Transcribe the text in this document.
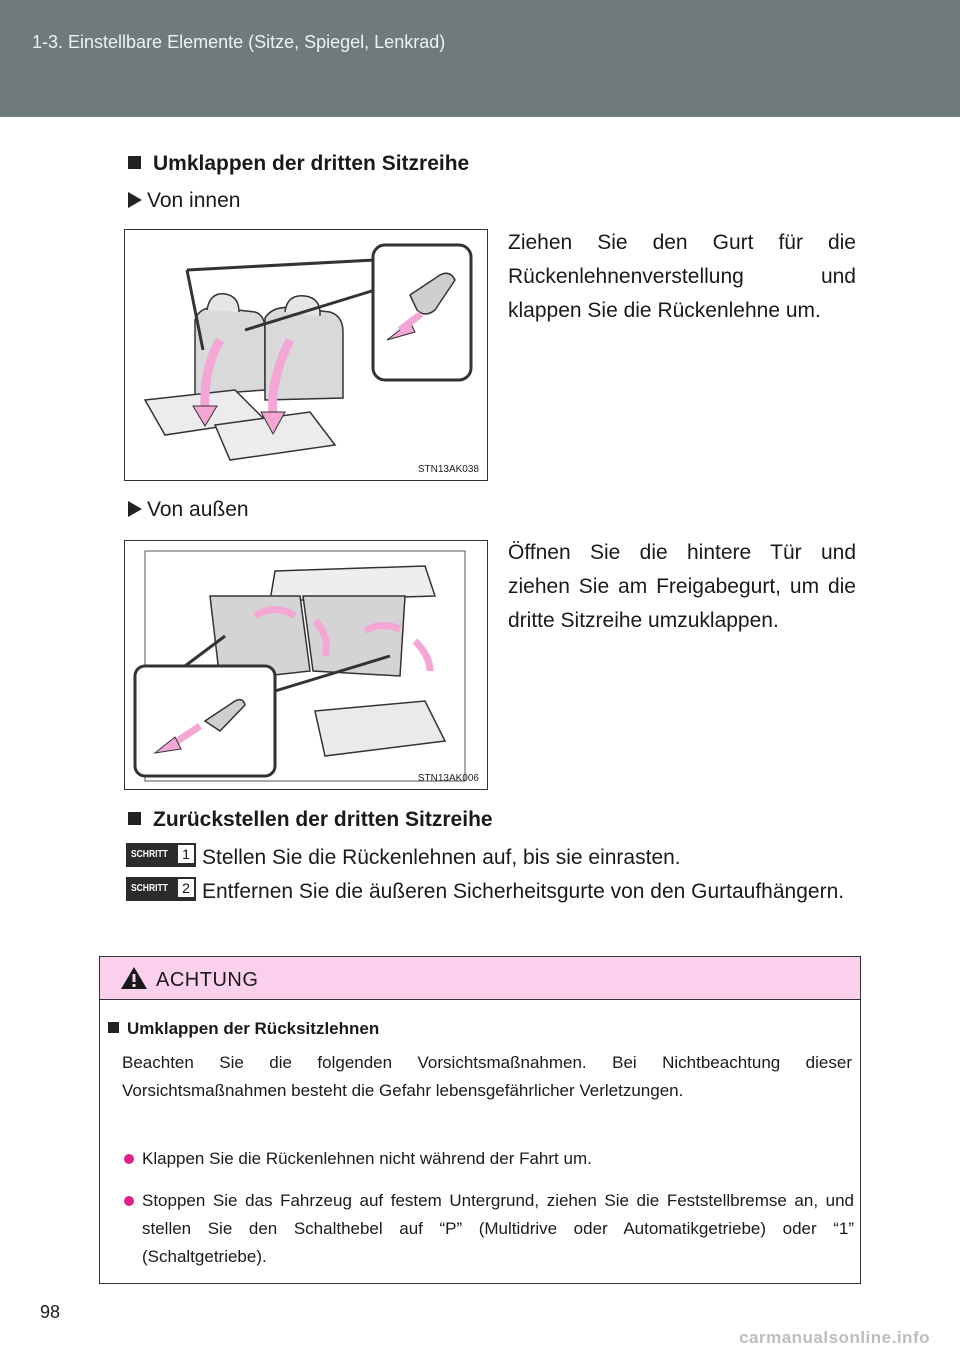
1-3. Einstellbare Elemente (Sitze, Spiegel, Lenkrad)
Umklappen der dritten Sitzreihe
Von innen
STN13AK038
Ziehen Sie den Gurt für die Rückenlehnenverstellung und klappen Sie die Rückenlehne um.
Von außen
STN13AK006
Öffnen Sie die hintere Tür und ziehen Sie am Freigabegurt, um die dritte Sitzreihe umzuklappen.
Zurückstellen der dritten Sitzreihe
SCHRITT	1 Stellen Sie die Rückenlehnen auf, bis sie einrasten.
SCHRITT	2 Entfernen Sie die äußeren Sicherheitsgurte von den Gurtaufhängern.
ACHTUNG
Umklappen der Rücksitzlehnen
Beachten Sie die folgenden Vorsichtsmaßnahmen. Bei Nichtbeachtung dieser Vorsichtsmaßnahmen besteht die Gefahr lebensgefährlicher Verletzungen.
Klappen Sie die Rückenlehnen nicht während der Fahrt um.
Stoppen Sie das Fahrzeug auf festem Untergrund, ziehen Sie die Feststellbremse an, und stellen Sie den Schalthebel auf “P” (Multidrive oder Automatikgetriebe) oder “1” (Schaltgetriebe).
98
carmanualsonline.info
